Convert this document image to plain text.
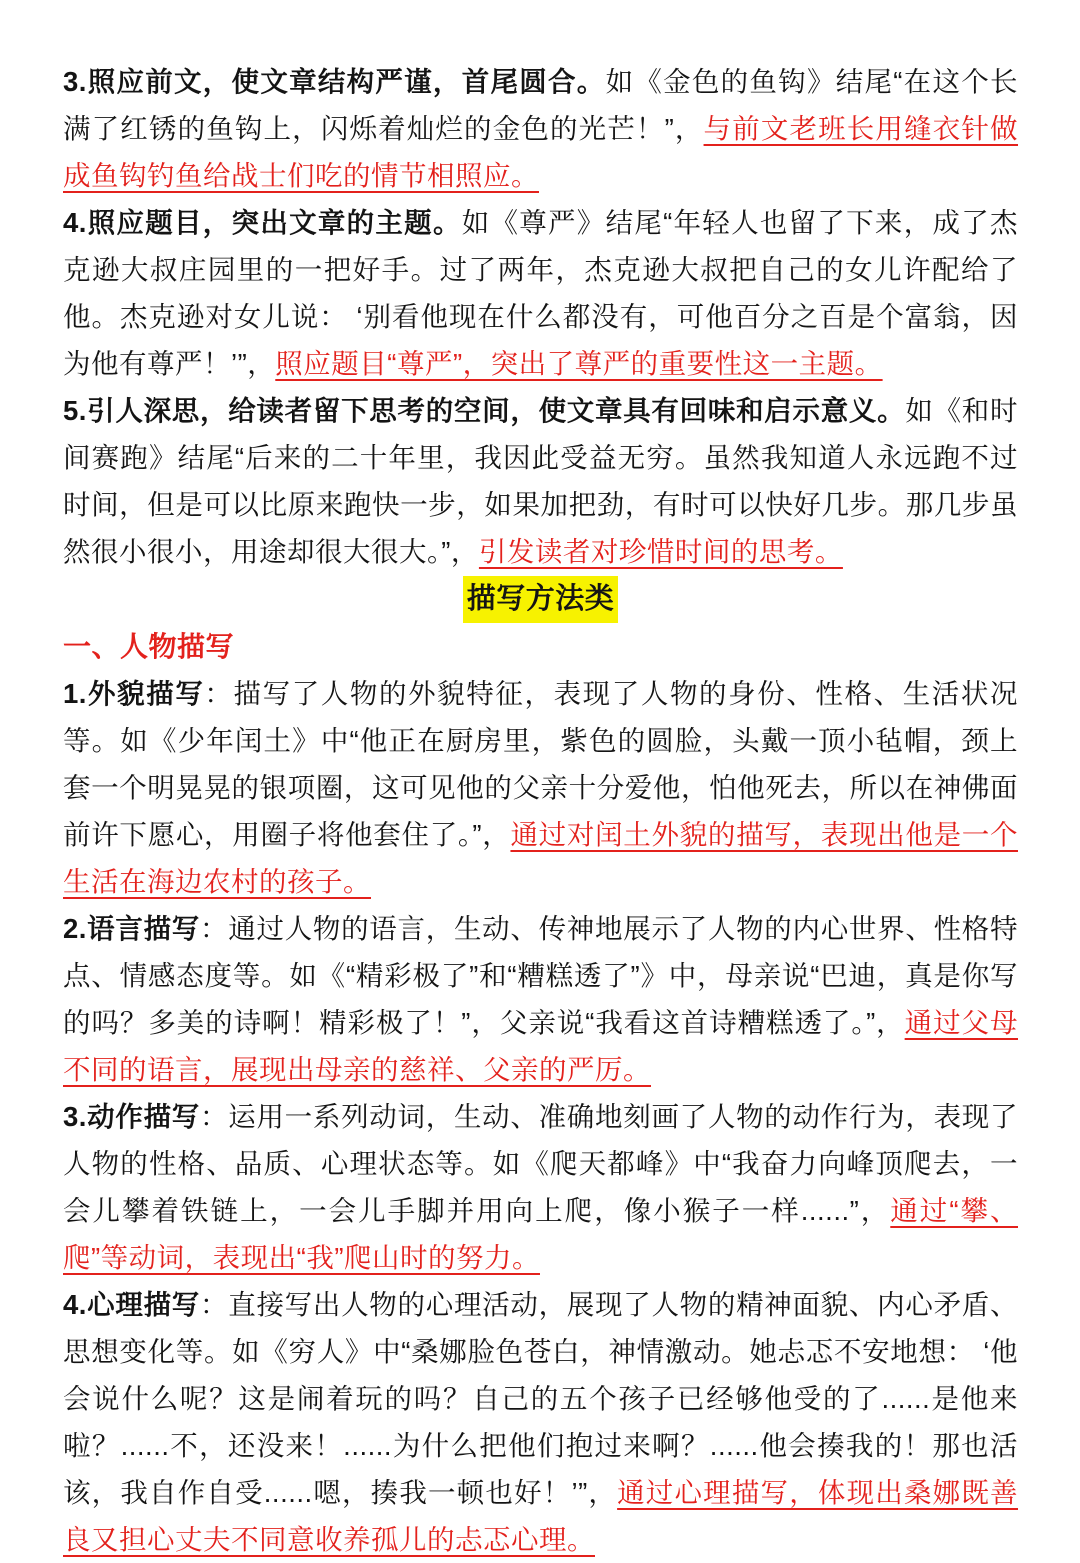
3.照应前文，使文章结构严谨，首尾圆合。如《金色的鱼钩》结尾“在这个长满了红锈的鱼钩上，闪烁着灿烂的金色的光芒！”，与前文老班长用缝衣针做成鱼钩钓鱼给战士们吃的情节相照应。

4.照应题目，突出文章的主题。如《尊严》结尾“年轻人也留了下来，成了杰克逊大叔庄园里的一把好手。过了两年，杰克逊大叔把自己的女儿许配给了他。杰克逊对女儿说： ‘别看他现在什么都没有，可他百分之百是个富翁，因为他有尊严！’”，照应题目“尊严”，突出了尊严的重要性这一主题。

5.引人深思，给读者留下思考的空间，使文章具有回味和启示意义。如《和时间赛跑》结尾“后来的二十年里，我因此受益无穷。虽然我知道人永远跑不过时间，但是可以比原来跑快一步，如果加把劲，有时可以快好几步。那几步虽然很小很小，用途却很大很大。”，引发读者对珍惜时间的思考。

描写方法类

一、人物描写

1.外貌描写：描写了人物的外貌特征，表现了人物的身份、性格、生活状况等。如《少年闰土》中“他正在厨房里，紫色的圆脸，头戴一顶小毡帽，颈上套一个明晃晃的银项圈，这可见他的父亲十分爱他，怕他死去，所以在神佛面前许下愿心，用圈子将他套住了。”，通过对闰土外貌的描写，表现出他是一个生活在海边农村的孩子。

2.语言描写：通过人物的语言，生动、传神地展示了人物的内心世界、性格特点、情感态度等。如《“精彩极了”和“糟糕透了”》中，母亲说“巴迪，真是你写的吗？多美的诗啊！精彩极了！”，父亲说“我看这首诗糟糕透了。”，通过父母不同的语言，展现出母亲的慈祥、父亲的严厉。

3.动作描写：运用一系列动词，生动、准确地刻画了人物的动作行为，表现了人物的性格、品质、心理状态等。如《爬天都峰》中“我奋力向峰顶爬去，一会儿攀着铁链上，一会儿手脚并用向上爬，像小猴子一样......”，通过“攀、爬”等动词，表现出“我”爬山时的努力。

4.心理描写：直接写出人物的心理活动，展现了人物的精神面貌、内心矛盾、思想变化等。如《穷人》中“桑娜脸色苍白，神情激动。她忐忑不安地想： ‘他会说什么呢？这是闹着玩的吗？自己的五个孩子已经够他受的了......是他来啦？......不，还没来！......为什么把他们抱过来啊？......他会揍我的！那也活该，我自作自受......嗯，揍我一顿也好！’”，通过心理描写，体现出桑娜既善良又担心丈夫不同意收养孤儿的忐忑心理。
